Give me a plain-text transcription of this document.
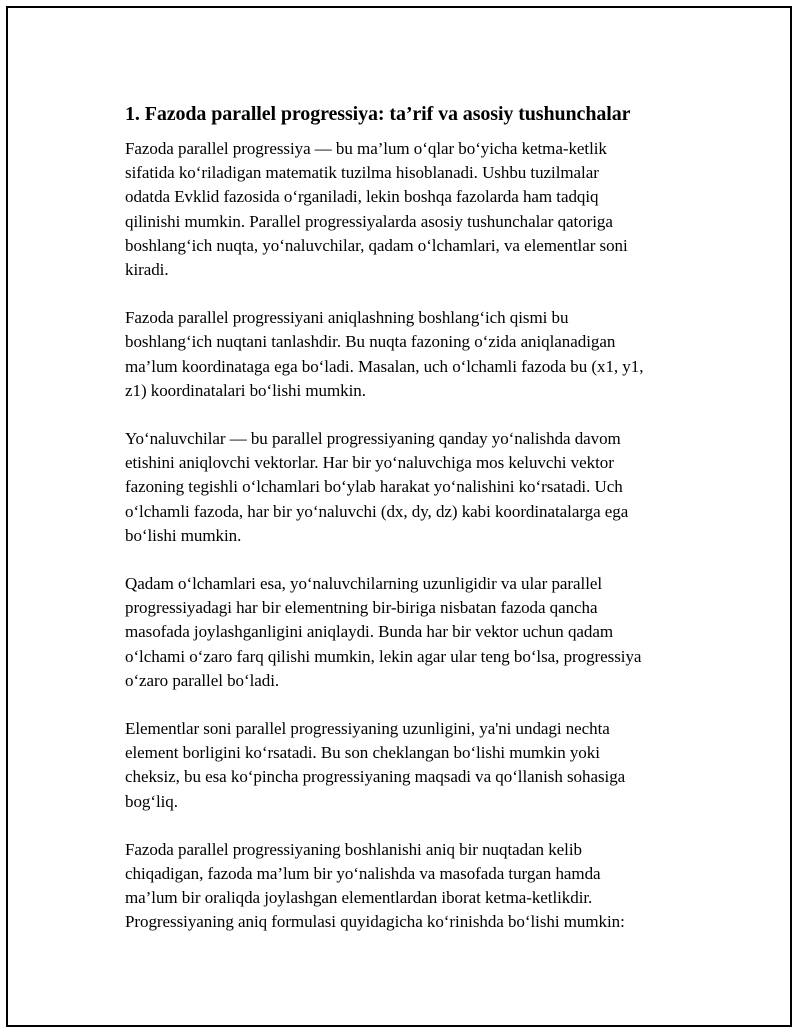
1. Fazoda parallel progressiya: ta’rif va asosiy tushunchalar

Fazoda parallel progressiya — bu ma’lum o‘qlar bo‘yicha ketma-ketlik
sifatida ko‘riladigan matematik tuzilma hisoblanadi. Ushbu tuzilmalar
odatda Evklid fazosida o‘rganiladi, lekin boshqa fazolarda ham tadqiq
qilinishi mumkin. Parallel progressiyalarda asosiy tushunchalar qatoriga
boshlang‘ich nuqta, yo‘naluvchilar, qadam o‘lchamlari, va elementlar soni
kiradi.

Fazoda parallel progressiyani aniqlashning boshlang‘ich qismi bu
boshlang‘ich nuqtani tanlashdir. Bu nuqta fazoning o‘zida aniqlanadigan
ma’lum koordinataga ega bo‘ladi. Masalan, uch o‘lchamli fazoda bu (x1, y1,
z1) koordinatalari bo‘lishi mumkin.

Yo‘naluvchilar — bu parallel progressiyaning qanday yo‘nalishda davom
etishini aniqlovchi vektorlar. Har bir yo‘naluvchiga mos keluvchi vektor
fazoning tegishli o‘lchamlari bo‘ylab harakat yo‘nalishini ko‘rsatadi. Uch
o‘lchamli fazoda, har bir yo‘naluvchi (dx, dy, dz) kabi koordinatalarga ega
bo‘lishi mumkin.

Qadam o‘lchamlari esa, yo‘naluvchilarning uzunligidir va ular parallel
progressiyadagi har bir elementning bir-biriga nisbatan fazoda qancha
masofada joylashganligini aniqlaydi. Bunda har bir vektor uchun qadam
o‘lchami o‘zaro farq qilishi mumkin, lekin agar ular teng bo‘lsa, progressiya
o‘zaro parallel bo‘ladi.

Elementlar soni parallel progressiyaning uzunligini, ya'ni undagi nechta
element borligini ko‘rsatadi. Bu son cheklangan bo‘lishi mumkin yoki
cheksiz, bu esa ko‘pincha progressiyaning maqsadi va qo‘llanish sohasiga
bog‘liq.

Fazoda parallel progressiyaning boshlanishi aniq bir nuqtadan kelib
chiqadigan, fazoda ma’lum bir yo‘nalishda va masofada turgan hamda
ma’lum bir oraliqda joylashgan elementlardan iborat ketma-ketlikdir.
Progressiyaning aniq formulasi quyidagicha ko‘rinishda bo‘lishi mumkin:
